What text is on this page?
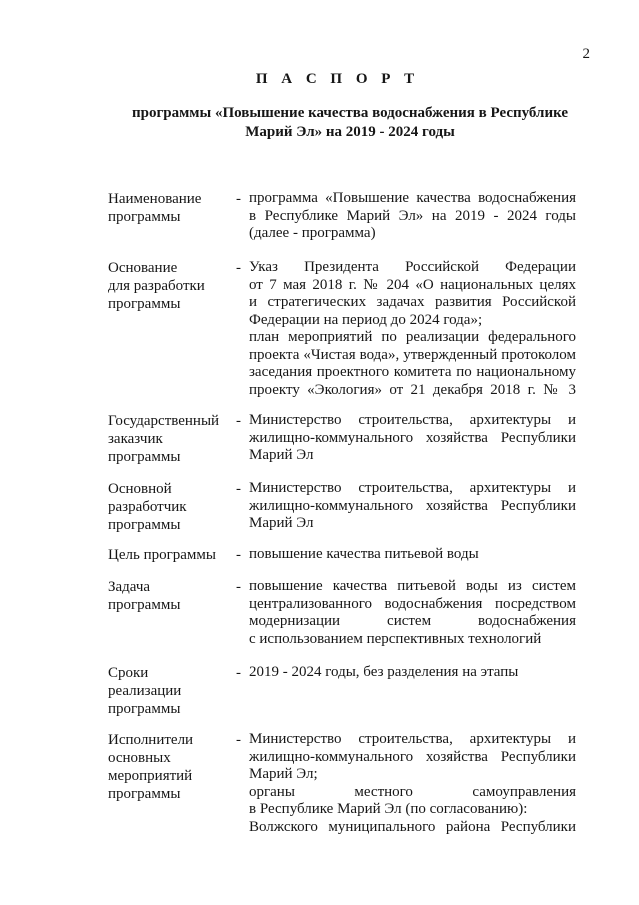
2
П А С П О Р Т
программы «Повышение качества водоснабжения в Республике
Марий Эл» на 2019 - 2024 годы
Наименование
программы
- программа «Повышение качества водоснабжения
в Республике Марий Эл» на 2019 - 2024 годы
(далее - программа)
Основание
для разработки
программы
- Указ Президента Российской Федерации
от 7 мая 2018 г. № 204 «О национальных целях
и стратегических задачах развития Российской
Федерации на период до 2024 года»;
план мероприятий по реализации федерального
проекта «Чистая вода», утвержденный протоколом
заседания проектного комитета по национальному
проекту «Экология» от 21 декабря 2018 г. № 3
Государственный
заказчик
программы
- Министерство строительства, архитектуры и
жилищно-коммунального хозяйства Республики
Марий Эл
Основной
разработчик
программы
- Министерство строительства, архитектуры и
жилищно-коммунального хозяйства Республики
Марий Эл
Цель программы	- повышение качества питьевой воды
Задача
программы
- повышение качества питьевой воды из систем
централизованного водоснабжения посредством
модернизации систем водоснабжения
с использованием перспективных технологий
Сроки
реализации
программы
- 2019 - 2024 годы, без разделения на этапы
Исполнители
основных
мероприятий
программы
- Министерство строительства, архитектуры и
жилищно-коммунального хозяйства Республики
Марий Эл;
органы местного самоуправления
в Республике Марий Эл (по согласованию):
Волжского муниципального района Республики
